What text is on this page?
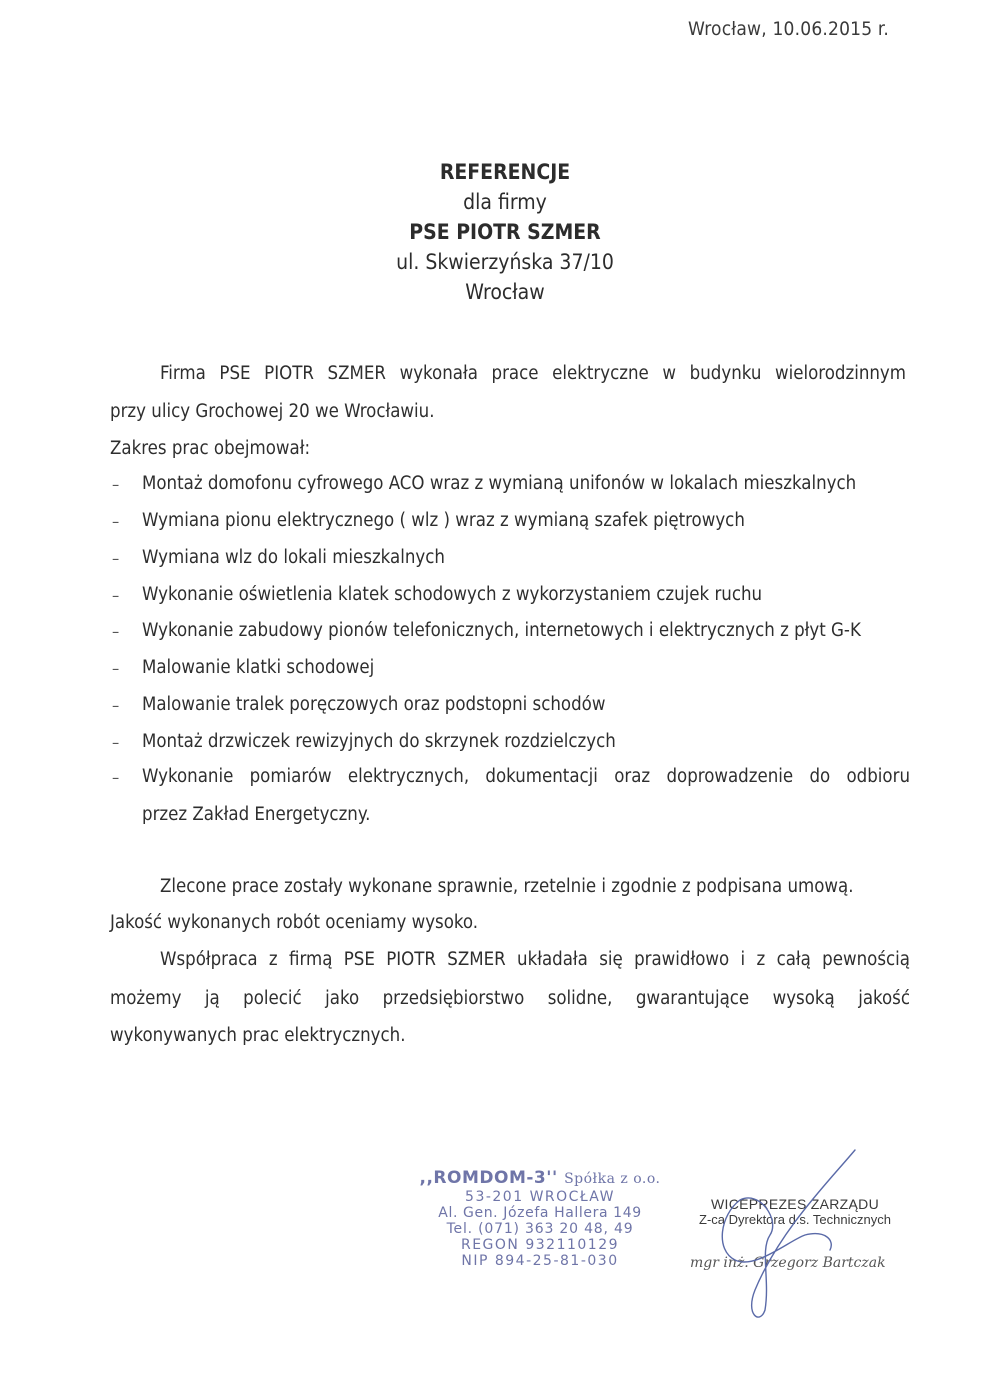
Wrocław, 10.06.2015 r.
REFERENCJE
dla firmy
PSE PIOTR SZMER
ul. Skwierzyńska 37/10
Wrocław
Firma PSE PIOTR SZMER wykonała prace elektryczne w budynku wielorodzinnym
przy ulicy Grochowej 20 we Wrocławiu.
Zakres prac obejmował:
– Montaż domofonu cyfrowego ACO wraz z wymianą unifonów w lokalach mieszkalnych
– Wymiana pionu elektrycznego ( wlz ) wraz z wymianą szafek piętrowych
– Wymiana wlz do lokali mieszkalnych
– Wykonanie oświetlenia klatek schodowych z wykorzystaniem czujek ruchu
– Wykonanie zabudowy pionów telefonicznych, internetowych i elektrycznych z płyt G-K
– Malowanie klatki schodowej
– Malowanie tralek poręczowych oraz podstopni schodów
– Montaż drzwiczek rewizyjnych do skrzynek rozdzielczych
– Wykonanie pomiarów elektrycznych, dokumentacji oraz doprowadzenie do odbioru
przez Zakład Energetyczny.
Zlecone prace zostały wykonane sprawnie, rzetelnie i zgodnie z podpisana umową.
Jakość wykonanych robót oceniamy wysoko.
Współpraca z firmą PSE PIOTR SZMER układała się prawidłowo i z całą pewnością
możemy ją polecić jako przedsiębiorstwo solidne, gwarantujące wysoką jakość
wykonywanych prac elektrycznych.
,,ROMDOM-3'' Spółka z o.o.
53-201 WROCŁAW
Al. Gen. Józefa Hallera 149
Tel. (071) 363 20 48, 49
REGON 932110129
NIP 894-25-81-030
WICEPREZES ZARZĄDU
Z-ca Dyrektora d.s. Technicznych
mgr inż. Grzegorz Bartczak
